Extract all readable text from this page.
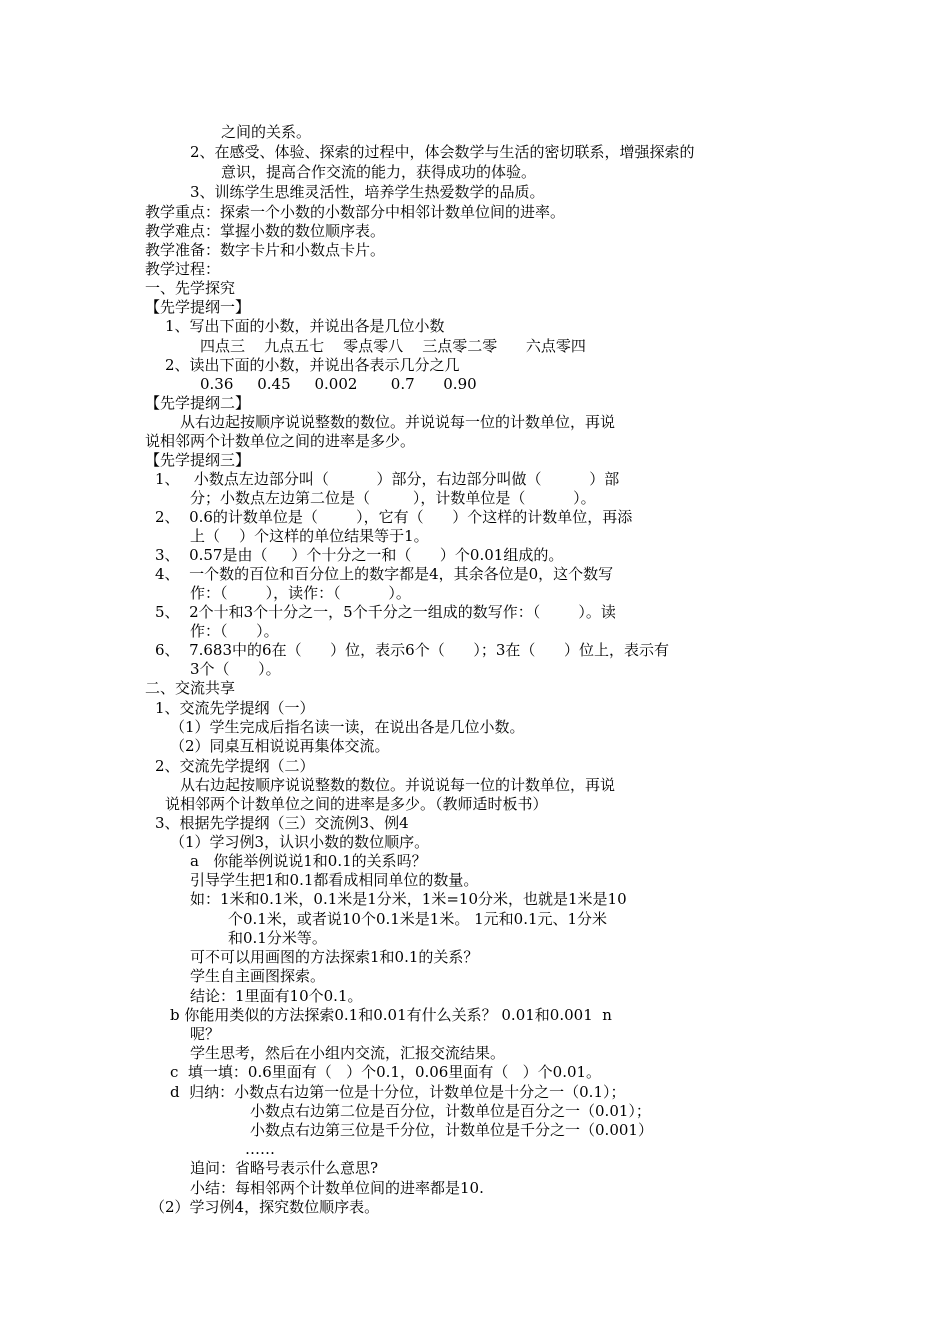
之间的关系。

2、在感受、体验、探索的过程中，体会数学与生活的密切联系，增强探索的

意识，提高合作交流的能力，获得成功的体验。

3、训练学生思维灵活性，培养学生热爱数学的品质。

教学重点：探索一个小数的小数部分中相邻计数单位间的进率。

教学难点：掌握小数的数位顺序表。

教学准备：数字卡片和小数点卡片。

教学过程：

一、先学探究

【先学提纲一】

1、写出下面的小数，并说出各是几位小数

四点三    九点五七    零点零八    三点零二零      六点零四

2、读出下面的小数，并说出各表示几分之几

0.36     0.45     0.002       0.7      0.90

【先学提纲二】

从右边起按顺序说说整数的数位。并说说每一位的计数单位，再说

说相邻两个计数单位之间的进率是多少。

【先学提纲三】

1、   小数点左边部分叫（          ）部分，右边部分叫做（          ）部

分；小数点左边第二位是（         ），计数单位是（          ）。

2、  0.6的计数单位是（        ），它有（      ）个这样的计数单位，再添

上（    ）个这样的单位结果等于1。

3、  0.57是由（     ）个十分之一和（      ）个0.01组成的。

4、  一个数的百位和百分位上的数字都是4，其余各位是0，这个数写

作：（        ），读作：（          ）。

5、  2个十和3个十分之一，5个千分之一组成的数写作：（        ）。读

作：（      ）。

6、  7.683中的6在（      ）位，表示6个（      ）；3在（      ）位上，表示有

3个（      ）。

二、交流共享

1、交流先学提纲（一）

（1）学生完成后指名读一读，在说出各是几位小数。

（2）同桌互相说说再集体交流。

2、交流先学提纲（二）

从右边起按顺序说说整数的数位。并说说每一位的计数单位，再说

说相邻两个计数单位之间的进率是多少。（教师适时板书）

3、根据先学提纲（三）交流例3、例4

（1）学习例3，认识小数的数位顺序。

a   你能举例说说1和0.1的关系吗？

引导学生把1和0.1都看成相同单位的数量。

如：1米和0.1米，0.1米是1分米，1米=10分米，也就是1米是10

个0.1米，或者说10个0.1米是1米。 1元和0.1元、1分米

和0.1分米等。

可不可以用画图的方法探索1和0.1的关系？

学生自主画图探索。

结论：1里面有10个0.1。

b 你能用类似的方法探索0.1和0.01有什么关系？ 0.01和0.001  n

呢？

学生思考，然后在小组内交流，汇报交流结果。

c  填一填：0.6里面有（   ）个0.1，0.06里面有（   ）个0.01。

d  归纳：小数点右边第一位是十分位，计数单位是十分之一（0.1）；

小数点右边第二位是百分位，计数单位是百分之一（0.01）；

小数点右边第三位是千分位，计数单位是千分之一（0.001）

……

追问：省略号表示什么意思?

小结：每相邻两个计数单位间的进率都是10.

（2）学习例4，探究数位顺序表。
